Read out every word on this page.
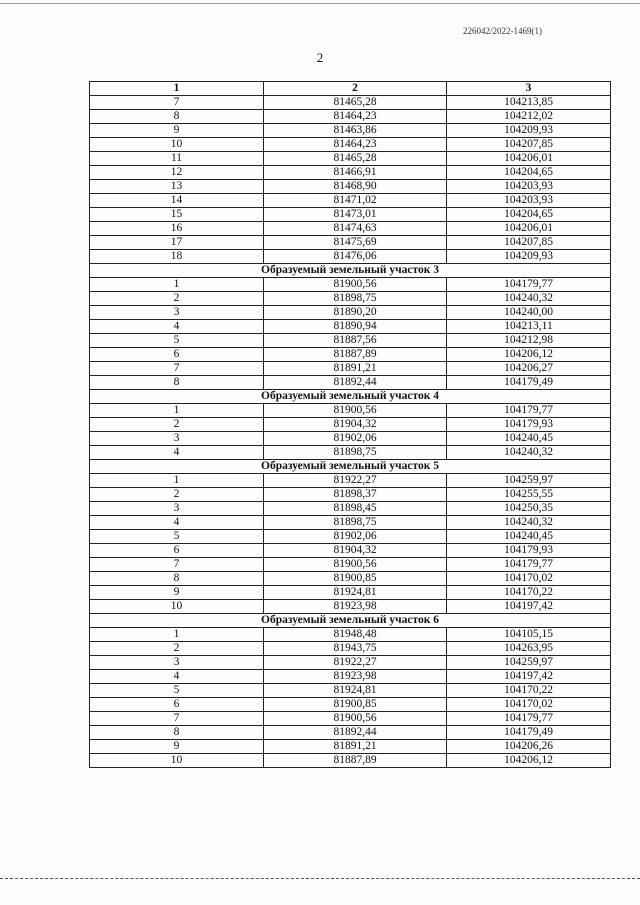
226042/2022-1469(1)
2
1	2	3
7	81465,28	104213,85
8	81464,23	104212,02
9	81463,86	104209,93
10	81464,23	104207,85
11	81465,28	104206,01
12	81466,91	104204,65
13	81468,90	104203,93
14	81471,02	104203,93
15	81473,01	104204,65
16	81474,63	104206,01
17	81475,69	104207,85
18	81476,06	104209,93
Образуемый земельный участок 3		
1	81900,56	104179,77
2	81898,75	104240,32
3	81890,20	104240,00
4	81890,94	104213,11
5	81887,56	104212,98
6	81887,89	104206,12
7	81891,21	104206,27
8	81892,44	104179,49
Образуемый земельный участок 4		
1	81900,56	104179,77
2	81904,32	104179,93
3	81902,06	104240,45
4	81898,75	104240,32
Образуемый земельный участок 5		
1	81922,27	104259,97
2	81898,37	104255,55
3	81898,45	104250,35
4	81898,75	104240,32
5	81902,06	104240,45
6	81904,32	104179,93
7	81900,56	104179,77
8	81900,85	104170,02
9	81924,81	104170,22
10	81923,98	104197,42
Образуемый земельный участок 6		
1	81948,48	104105,15
2	81943,75	104263,95
3	81922,27	104259,97
4	81923,98	104197,42
5	81924,81	104170,22
6	81900,85	104170,02
7	81900,56	104179,77
8	81892,44	104179,49
9	81891,21	104206,26
10	81887,89	104206,12
